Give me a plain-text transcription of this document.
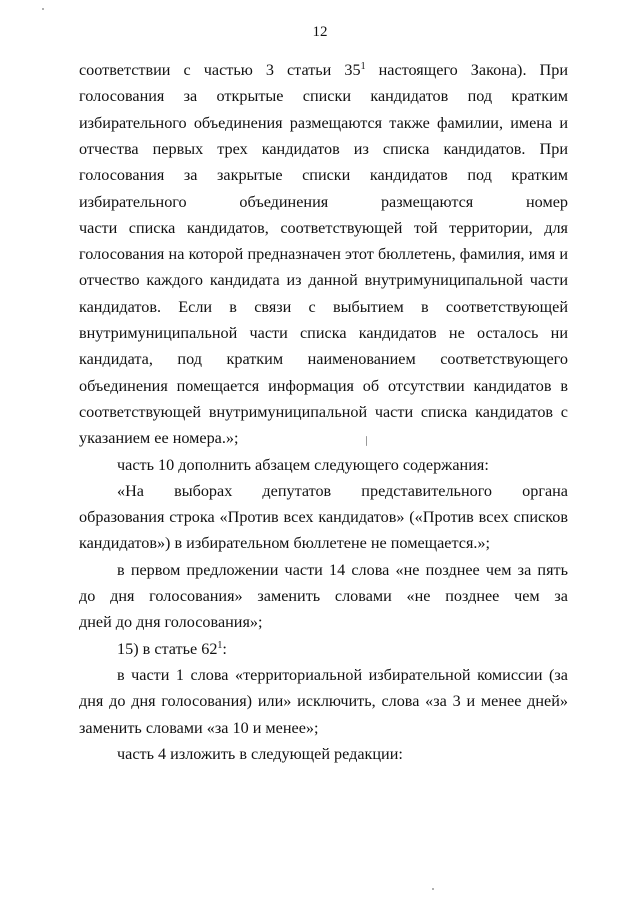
12
соответствии с частью 3 статьи $35^1$ настоящего Закона). При
голосования за открытые списки кандидатов под кратким
избирательного объединения размещаются также фамилии, имена и
отчества первых трех кандидатов из списка кандидатов. При
голосования за закрытые списки кандидатов под кратким
избирательного объединения размещаются номер
части списка кандидатов, соответствующей той территории, для
голосования на которой предназначен этот бюллетень, фамилия, имя и
отчество каждого кандидата из данной внутримуниципальной части
кандидатов. Если в связи с выбытием в соответствующей
внутримуниципальной части списка кандидатов не осталось ни
кандидата, под кратким наименованием соответствующего
объединения помещается информация об отсутствии кандидатов в
соответствующей внутримуниципальной части списка кандидатов с
указанием ее номера.»;
часть 10 дополнить абзацем следующего содержания:
«На выборах депутатов представительного органа
образования строка «Против всех кандидатов» («Против всех списков
кандидатов») в избирательном бюллетене не помещается.»;
в первом предложении части 14 слова «не позднее чем за пять
до дня голосования» заменить словами «не позднее чем за
дней до дня голосования»;
15) в статье $62^1$:
в части 1 слова «территориальной избирательной комиссии (за
дня до дня голосования) или» исключить, слова «за 3 и менее дней»
заменить словами «за 10 и менее»;
часть 4 изложить в следующей редакции:
